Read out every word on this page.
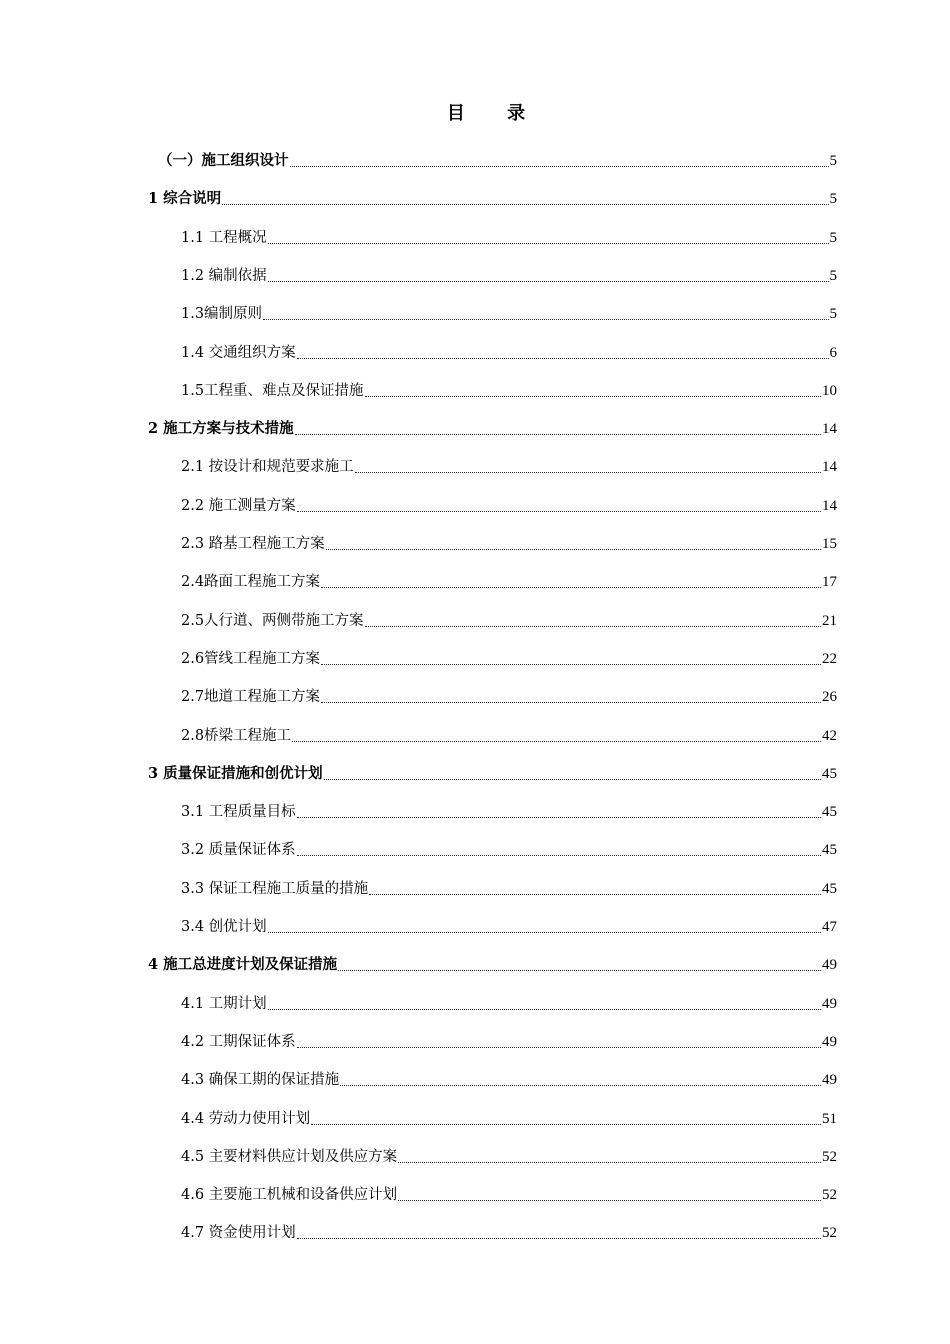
目 录
（一）施工组织设计	5
1 综合说明	5
1.1 工程概况	5
1.2 编制依据	5
1.3编制原则	5
1.4 交通组织方案	6
1.5工程重、难点及保证措施	10
2 施工方案与技术措施	14
2.1 按设计和规范要求施工	14
2.2 施工测量方案	14
2.3 路基工程施工方案	15
2.4路面工程施工方案	17
2.5人行道、两侧带施工方案	21
2.6管线工程施工方案	22
2.7地道工程施工方案	26
2.8桥梁工程施工	42
3 质量保证措施和创优计划	45
3.1 工程质量目标	45
3.2 质量保证体系	45
3.3 保证工程施工质量的措施	45
3.4 创优计划	47
4 施工总进度计划及保证措施	49
4.1 工期计划	49
4.2 工期保证体系	49
4.3 确保工期的保证措施	49
4.4 劳动力使用计划	51
4.5 主要材料供应计划及供应方案	52
4.6 主要施工机械和设备供应计划	52
4.7 资金使用计划	52
